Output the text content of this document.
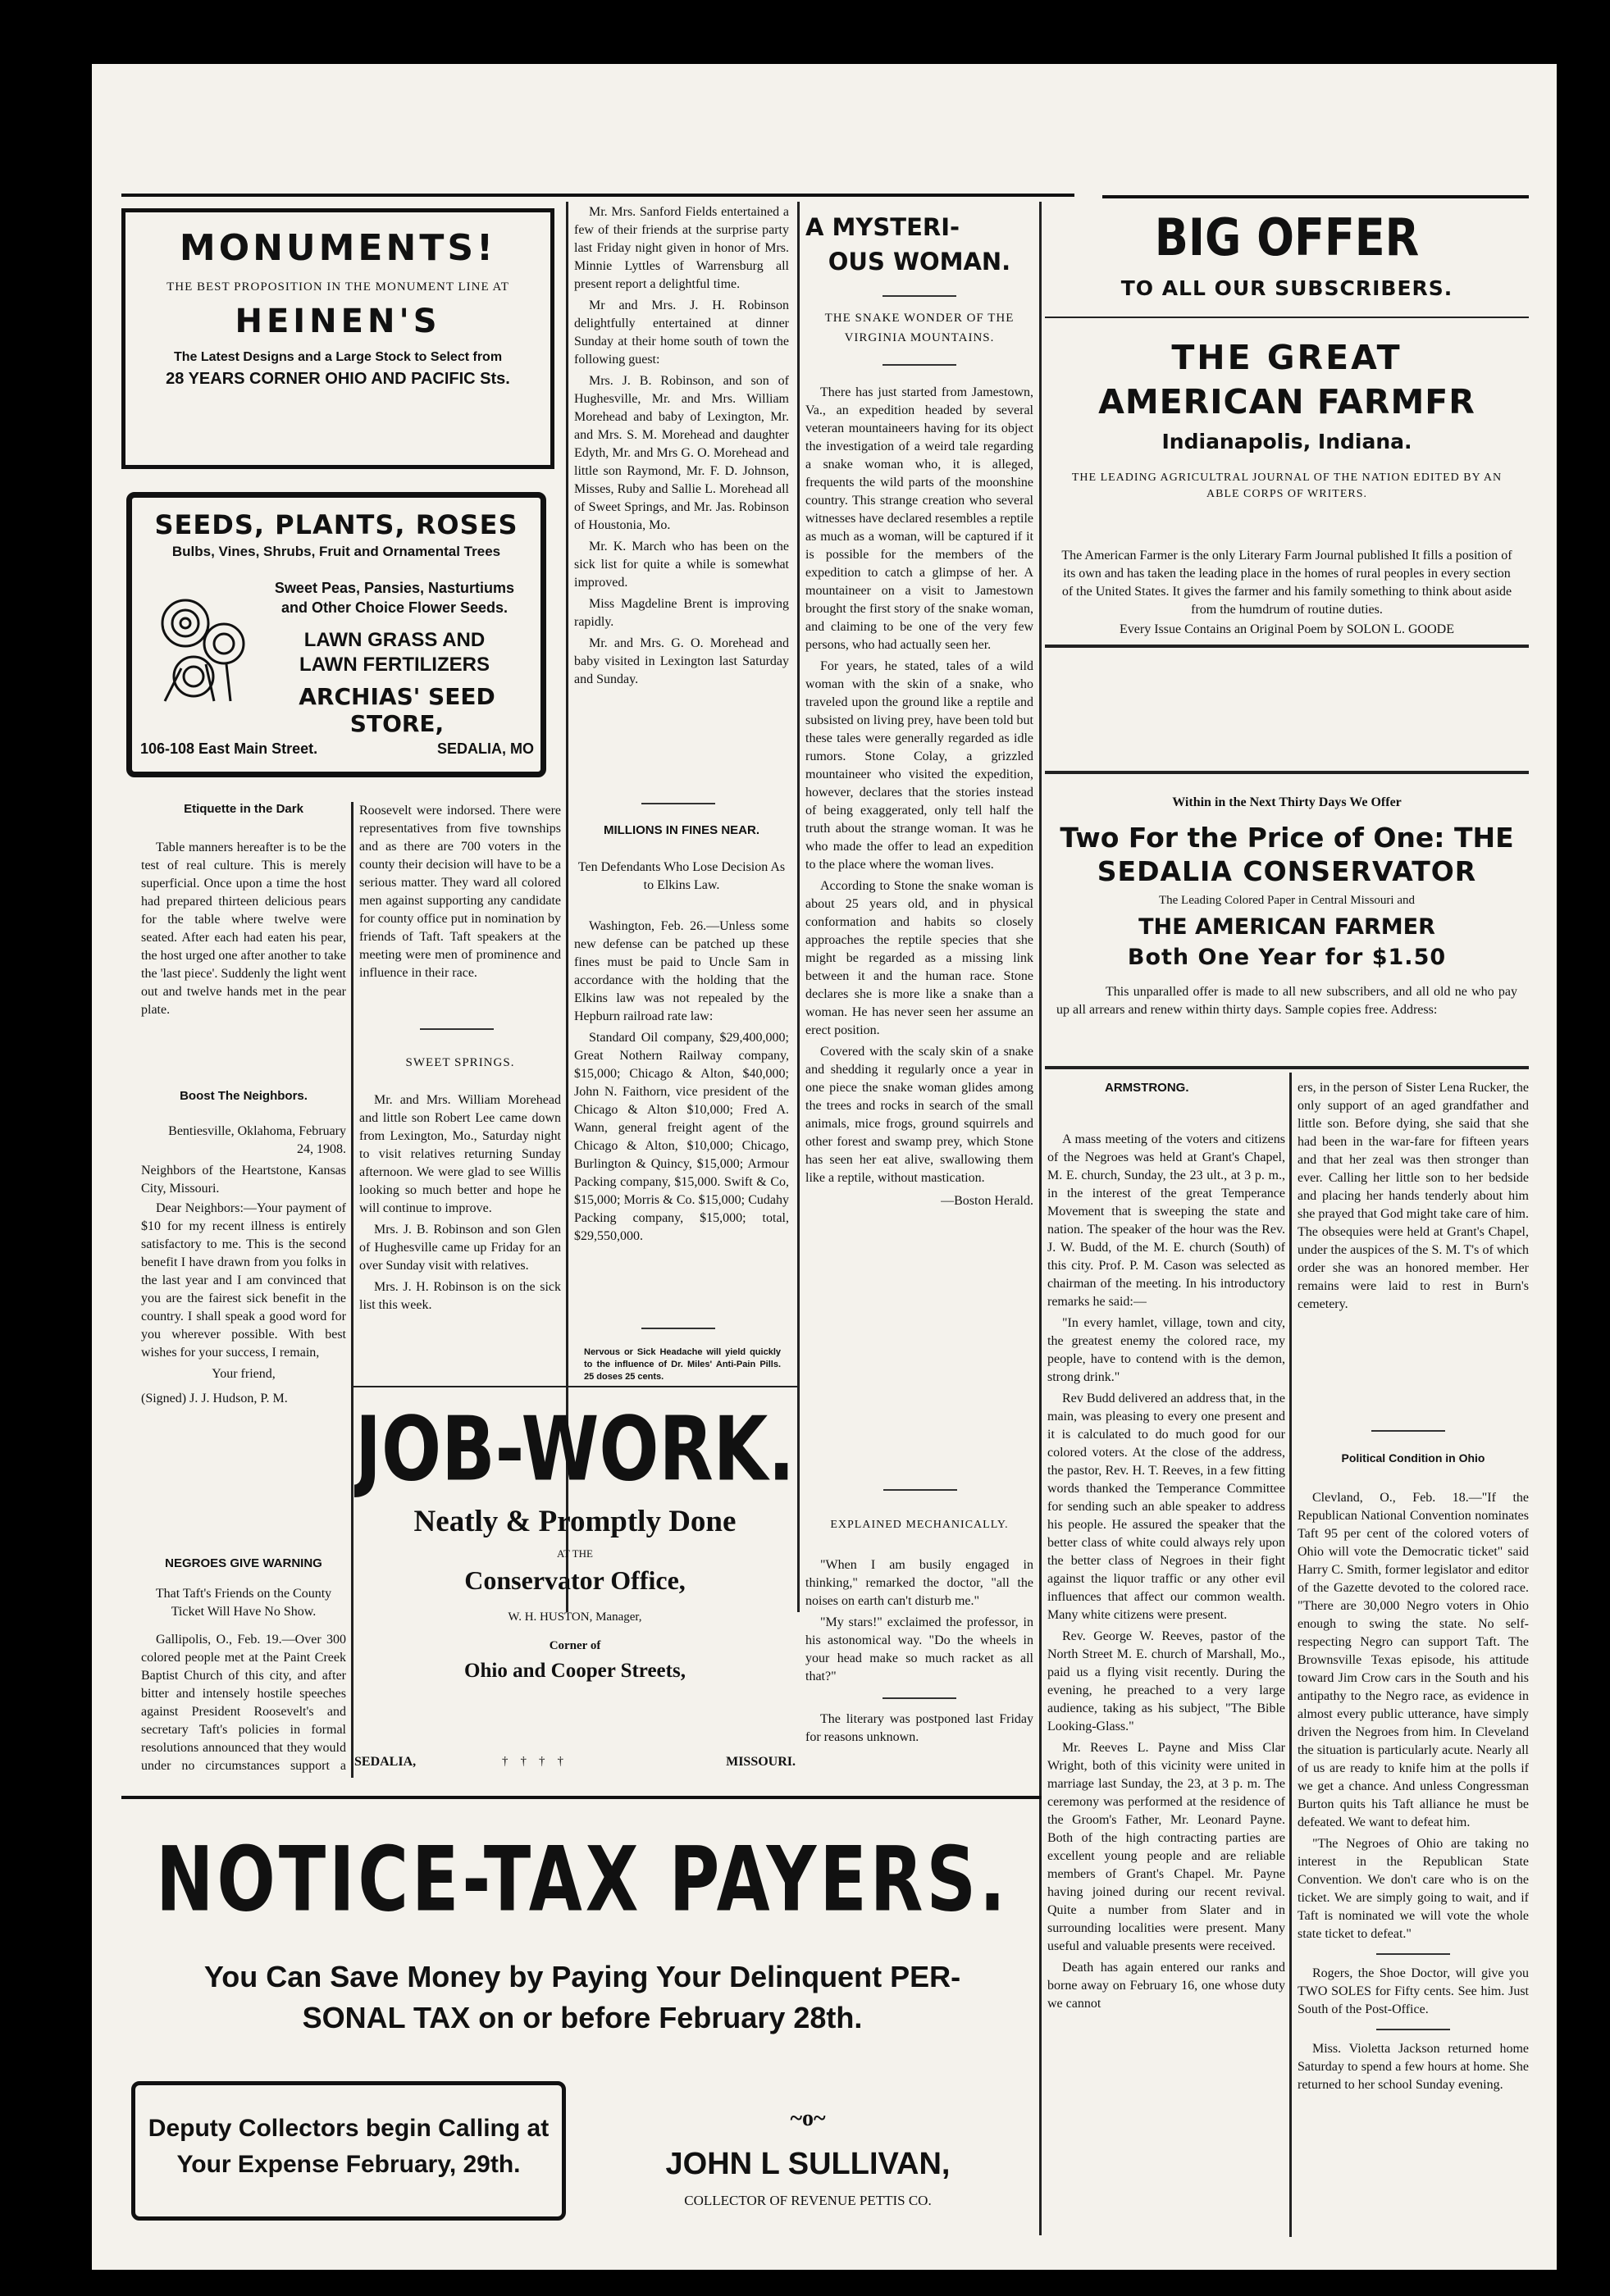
MONUMENTS!
THE BEST PROPOSITION IN THE MONUMENT LINE AT
HEINEN'S
The Latest Designs and a Large Stock to Select from
28 YEARS CORNER OHIO AND PACIFIC Sts.
SEEDS, PLANTS, ROSES
Bulbs, Vines, Shrubs, Fruit and Ornamental Trees
Sweet Peas, Pansies, Nasturtiums
and Other Choice Flower Seeds.
LAWN GRASS AND
LAWN FERTILIZERS
ARCHIAS' SEED STORE,
106-108 East Main Street.	SEDALIA, MO
Etiquette in the Dark

Table manners hereafter is to be the test of real culture. This is merely superficial. Once upon a time the host had prepared thirteen delicious pears for the table where twelve were seated. After each had eaten his pear, the host urged one after another to take the 'last piece'. Suddenly the light went out and twelve hands met in the pear plate.

Boost The Neighbors.

Bentiesville, Oklahoma, February 24, 1908.

Neighbors of the Heartstone, Kansas City, Missouri.

Dear Neighbors:—Your payment of $10 for my recent illness is entirely satisfactory to me. This is the second benefit I have drawn from you folks in the last year and I am convinced that you are the fairest sick benefit in the country. I shall speak a good word for you wherever possible. With best wishes for your success, I remain,

Your friend,

(Signed) J. J. Hudson, P. M.

NEGROES GIVE WARNING

That Taft's Friends on the County Ticket Will Have No Show.

Gallipolis, O., Feb. 19.—Over 300 colored people met at the Paint Creek Baptist Church of this city, and after bitter and intensely hostile speeches against President Roosevelt's and secretary Taft's policies in formal resolutions announced that they would under no circumstances support a

Roosevelt were indorsed. There were representatives from five townships and as there are 700 voters in the county their decision will have to be a serious matter. They ward all colored men against supporting any candidate for county office put in nomination by friends of Taft. Taft speakers at the meeting were men of prominence and influence in their race.

SWEET SPRINGS.

Mr. and Mrs. William Morehead and little son Robert Lee came down from Lexington, Mo., Saturday night to visit relatives returning Sunday afternoon. We were glad to see Willis looking so much better and hope he will continue to improve.

Mrs. J. B. Robinson and son Glen of Hughesville came up Friday for an over Sunday visit with relatives.

Mrs. J. H. Robinson is on the sick list this week.

Mr. Mrs. Sanford Fields entertained a few of their friends at the surprise party last Friday night given in honor of Mrs. Minnie Lyttles of Warrensburg all present report a delightful time.

Mr and Mrs. J. H. Robinson delightfully entertained at dinner Sunday at their home south of town the following guest:

Mrs. J. B. Robinson, and son of Hughesville, Mr. and Mrs. William Morehead and baby of Lexington, Mr. and Mrs. S. M. Morehead and daughter Edyth, Mr. and Mrs G. O. Morehead and little son Raymond, Mr. F. D. Johnson, Misses, Ruby and Sallie L. Morehead all of Sweet Springs, and Mr. Jas. Robinson of Houstonia, Mo.

Mr. K. March who has been on the sick list for quite a while is somewhat improved.

Miss Magdeline Brent is improving rapidly.

Mr. and Mrs. G. O. Morehead and baby visited in Lexington last Saturday and Sunday.

MILLIONS IN FINES NEAR.

Ten Defendants Who Lose Decision As to Elkins Law.

Washington, Feb. 26.—Unless some new defense can be patched up these fines must be paid to Uncle Sam in accordance with the holding that the Elkins law was not repealed by the Hepburn railroad rate law:

Standard Oil company, $29,400,000; Great Nothern Railway company, $15,000; Chicago & Alton, $40,000; John N. Faithorn, vice president of the Chicago & Alton $10,000; Fred A. Wann, general freight agent of the Chicago & Alton, $10,000; Chicago, Burlington & Quincy, $15,000; Armour Packing company, $15,000. Swift & Co, $15,000; Morris & Co. $15,000; Cudahy Packing company, $15,000; total, $29,550,000.

Nervous or Sick Headache will yield quickly to the influence of Dr. Miles' Anti-Pain Pills. 25 doses 25 cents.
JOB-WORK.
Neatly & Promptly Done
AT THE
Conservator Office,
W. H. HUSTON, Manager,
Corner of
Ohio and Cooper Streets,
SEDALIA,	†    †    †    †	MISSOURI.
A MYSTERI-
OUS WOMAN.

THE SNAKE WONDER OF THE VIRGINIA MOUNTAINS.

There has just started from Jamestown, Va., an expedition headed by several veteran mountaineers having for its object the investigation of a weird tale regarding a snake woman who, it is alleged, frequents the wild parts of the moonshine country. This strange creation who several witnesses have declared resembles a reptile as much as a woman, will be captured if it is possible for the members of the expedition to catch a glimpse of her. A mountaineer on a visit to Jamestown brought the first story of the snake woman, and claiming to be one of the very few persons, who had actually seen her.

For years, he stated, tales of a wild woman with the skin of a snake, who traveled upon the ground like a reptile and subsisted on living prey, have been told but these tales were generally regarded as idle rumors. Stone Colay, a grizzled mountaineer who visited the expedition, however, declares that the stories instead of being exaggerated, only tell half the truth about the strange woman. It was he who made the offer to lead an expedition to the place where the woman lives.

According to Stone the snake woman is about 25 years old, and in physical conformation and habits so closely approaches the reptile species that she might be regarded as a missing link between it and the human race. Stone declares she is more like a snake than a woman. He has never seen her assume an erect position.

Covered with the scaly skin of a snake and shedding it regularly once a year in one piece the snake woman glides among the trees and rocks in search of the small animals, mice frogs, ground squirrels and other forest and swamp prey, which Stone has seen her eat alive, swallowing them like a reptile, without mastication.

—Boston Herald.

EXPLAINED MECHANICALLY.

"When I am busily engaged in thinking," remarked the doctor, "all the noises on earth can't disturb me."

"My stars!" exclaimed the professor, in his astonomical way. "Do the wheels in your head make so much racket as all that?"

The literary was postponed last Friday for reasons unknown.

BIG OFFER
TO ALL OUR SUBSCRIBERS.
THE GREAT
AMERICAN FARMFR
Indianapolis, Indiana.
THE LEADING AGRICULTRAL JOURNAL OF THE NATION EDITED BY AN ABLE CORPS OF WRITERS.

The American Farmer is the only Literary Farm Journal published It fills a position of its own and has taken the leading place in the homes of rural peoples in every section of the United States. It gives the farmer and his family something to think about aside from the humdrum of routine duties.

Every Issue Contains an Original Poem by SOLON L. GOODE

Within in the Next Thirty Days We Offer
Two For the Price of One: THE
SEDALIA CONSERVATOR
The Leading Colored Paper in Central Missouri and
THE AMERICAN FARMER
Both One Year for $1.50

This unparalled offer is made to all new subscribers, and all old ne who pay up all arrears and renew within thirty days. Sample copies free. Address:

ARMSTRONG.

A mass meeting of the voters and citizens of the Negroes was held at Grant's Chapel, M. E. church, Sunday, the 23 ult., at 3 p. m., in the interest of the great Temperance Movement that is sweeping the state and nation. The speaker of the hour was the Rev. J. W. Budd, of the M. E. church (South) of this city. Prof. P. M. Cason was selected as chairman of the meeting. In his introductory remarks he said:—

"In every hamlet, village, town and city, the greatest enemy the colored race, my people, have to contend with is the demon, strong drink."

Rev Budd delivered an address that, in the main, was pleasing to every one present and it is calculated to do much good for our colored voters. At the close of the address, the pastor, Rev. H. T. Reeves, in a few fitting words thanked the Temperance Committee for sending such an able speaker to address his people. He assured the speaker that the better class of white could always rely upon the better class of Negroes in their fight against the liquor traffic or any other evil influences that affect our common wealth. Many white citizens were present.

Rev. George W. Reeves, pastor of the North Street M. E. church of Marshall, Mo., paid us a flying visit recently. During the evening, he preached to a very large audience, taking as his subject, "The Bible Looking-Glass."

Mr. Reeves L. Payne and Miss Clar Wright, both of this vicinity were united in marriage last Sunday, the 23, at 3 p. m. The ceremony was performed at the residence of the Groom's Father, Mr. Leonard Payne. Both of the high contracting parties are excellent young people and are reliable members of Grant's Chapel. Mr. Payne having joined during our recent revival. Quite a number from Slater and in surrounding localities were present. Many useful and valuable presents were received.

Death has again entered our ranks and borne away on February 16, one whose duty we cannot

ers, in the person of Sister Lena Rucker, the only support of an aged grandfather and little son. Before dying, she said that she had been in the war-fare for fifteen years and that her zeal was then stronger than ever. Calling her little son to her bedside and placing her hands tenderly about him she prayed that God might take care of him. The obsequies were held at Grant's Chapel, under the auspices of the S. M. T's of which order she was an honored member. Her remains were laid to rest in Burn's cemetery.

Political Condition in Ohio

Clevland, O., Feb. 18.—"If the Republican National Convention nominates Taft 95 per cent of the colored voters of Ohio will vote the Democratic ticket" said Harry C. Smith, former legislator and editor of the Gazette devoted to the colored race. "There are 30,000 Negro voters in Ohio enough to swing the state. No self-respecting Negro can support Taft. The Brownsville Texas episode, his attitude toward Jim Crow cars in the South and his antipathy to the Negro race, as evidence in almost every public utterance, have simply driven the Negroes from him. In Cleveland the situation is particularly acute. Nearly all of us are ready to knife him at the polls if we get a chance. And unless Congressman Burton quits his Taft alliance he must be defeated. We want to defeat him.

"The Negroes of Ohio are taking no interest in the Republican State Convention. We don't care who is on the ticket. We are simply going to wait, and if Taft is nominated we will vote the whole state ticket to defeat."

Rogers, the Shoe Doctor, will give you TWO SOLES for Fifty cents. See him. Just South of the Post-Office.

Miss. Violetta Jackson returned home Saturday to spend a few hours at home. She returned to her school Sunday evening.

NOTICE-TAX PAYERS.
You Can Save Money by Paying Your Delinquent PER-
SONAL TAX on or before February 28th.
Deputy Collectors begin Calling at
Your Expense February, 29th.
~o~
JOHN L SULLIVAN,
COLLECTOR OF REVENUE PETTIS CO.
